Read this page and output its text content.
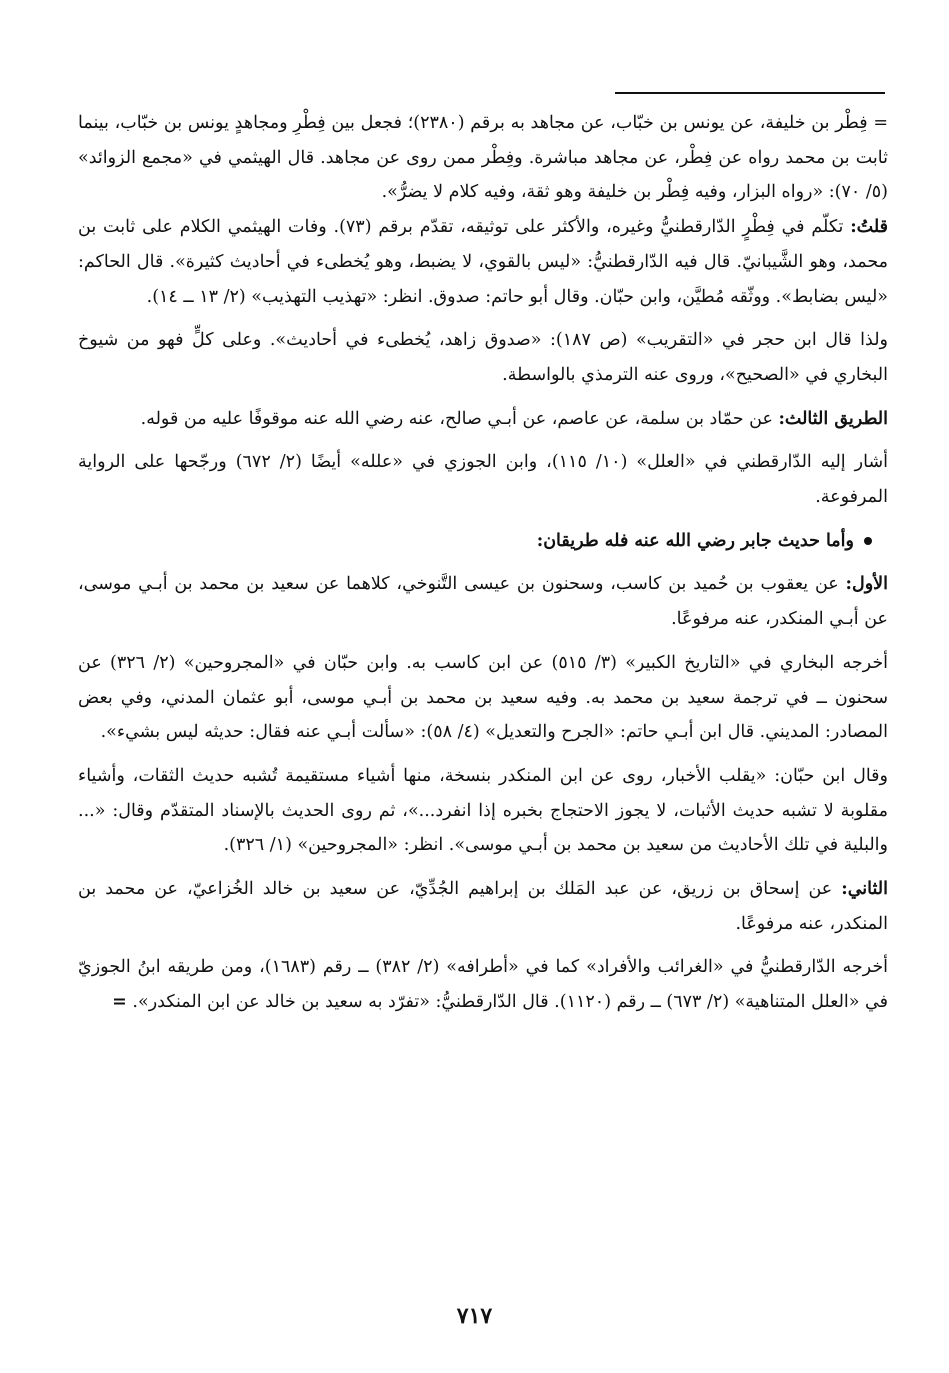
= فِطْر بن خليفة، عن يونس بن خبّاب، عن مجاهد به برقم (٢٣٨٠)؛ فجعل بين فِطْرِ ومجاهدٍ يونس بن خبّاب، بينما ثابت بن محمد رواه عن فِطْر، عن مجاهد مباشرة. وفِطْر ممن روى عن مجاهد. قال الهيثمي في «مجمع الزوائد» (٥/ ٧٠): «رواه البزار، وفيه فِطْر بن خليفة وهو ثقة، وفيه كلام لا يضرُّ».

قلتُ: تكلّم في فِطْرٍ الدّارقطنيُّ وغيره، والأكثر على توثيقه، تقدّم برقم (٧٣). وفات الهيثمي الكلام على ثابت بن محمد، وهو الشَّيبانيّ. قال فيه الدّارقطنيُّ: «ليس بالقوي، لا يضبط، وهو يُخطىء في أحاديث كثيرة». قال الحاكم: «ليس بضابط». ووثّقه مُطيَّن، وابن حبّان. وقال أبو حاتم: صدوق. انظر: «تهذيب التهذيب» (٢/ ١٣ ــ ١٤).

ولذا قال ابن حجر في «التقريب» (ص ١٨٧): «صدوق زاهد، يُخطىء في أحاديث». وعلى كلٍّ فهو من شيوخ البخاري في «الصحيح»، وروى عنه الترمذي بالواسطة.

الطريق الثالث: عن حمّاد بن سلمة، عن عاصم، عن أبـي صالح، عنه رضي الله عنه موقوفًا عليه من قوله.

أشار إليه الدّارقطني في «العلل» (١٠/ ١١٥)، وابن الجوزي في «علله» أيضًا (٢/ ٦٧٢) ورجّحها على الرواية المرفوعة.

وأما حديث جابر رضي الله عنه فله طريقان:

الأول: عن يعقوب بن حُميد بن كاسب، وسحنون بن عيسى التَّنوخي، كلاهما عن سعيد بن محمد بن أبـي موسى، عن أبـي المنكدر، عنه مرفوعًا.

أخرجه البخاري في «التاريخ الكبير» (٣/ ٥١٥) عن ابن كاسب به. وابن حبّان في «المجروحين» (٢/ ٣٢٦) عن سحنون ــ في ترجمة سعيد بن محمد به. وفيه سعيد بن محمد بن أبـي موسى، أبو عثمان المدني، وفي بعض المصادر: المديني. قال ابن أبـي حاتم: «الجرح والتعديل» (٤/ ٥٨): «سألت أبـي عنه فقال: حديثه ليس بشيء».

وقال ابن حبّان: «يقلب الأخبار، روى عن ابن المنكدر بنسخة، منها أشياء مستقيمة تُشبه حديث الثقات، وأشياء مقلوبة لا تشبه حديث الأثبات، لا يجوز الاحتجاج بخبره إذا انفرد...»، ثم روى الحديث بالإسناد المتقدّم وقال: «... والبلية في تلك الأحاديث من سعيد بن محمد بن أبـي موسى». انظر: «المجروحين» (١/ ٣٢٦).

الثاني: عن إسحاق بن زريق، عن عبد المَلك بن إبراهيم الجُدِّيّ، عن سعيد بن خالد الخُزاعيّ، عن محمد بن المنكدر، عنه مرفوعًا.

أخرجه الدّارقطنيُّ في «الغرائب والأفراد» كما في «أطرافه» (٢/ ٣٨٢) ــ رقم (١٦٨٣)، ومن طريقه ابنُ الجوزيّ في «العلل المتناهية» (٢/ ٦٧٣) ــ رقم (١١٢٠). قال الدّارقطنيُّ: «تفرّد به سعيد بن خالد عن ابن المنكدر». =

٧١٧
